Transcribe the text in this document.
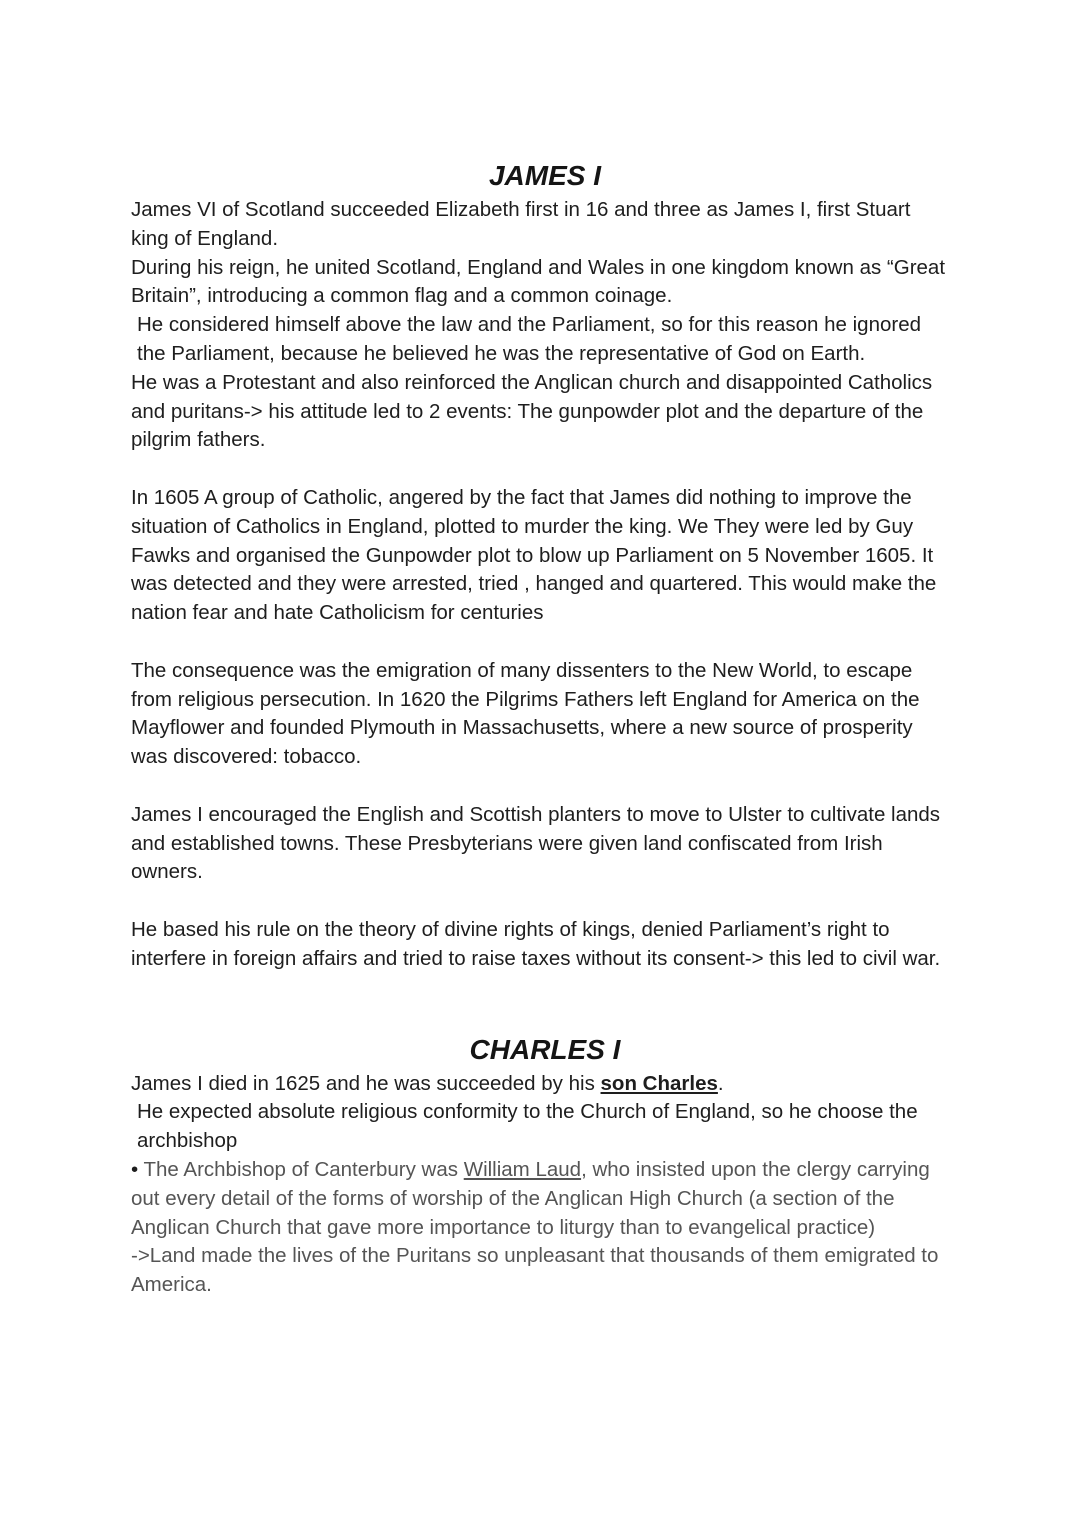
JAMES I

James VI of Scotland succeeded Elizabeth first in 16 and three as James I, first Stuart king of England.

During his reign, he united Scotland, England and Wales in one kingdom known as “Great Britain”, introducing a common flag and a common coinage.

He considered himself above the law and the Parliament, so for this reason he ignored the Parliament, because he believed he was the representative of God on Earth.

He was a Protestant and also reinforced the Anglican church and disappointed Catholics and puritans-> his attitude led to 2 events: The gunpowder plot and the departure of the pilgrim fathers.

In 1605 A group of Catholic, angered by the fact that James did nothing to improve the situation of Catholics in England, plotted to murder the king. We They were led by Guy Fawks and organised the Gunpowder plot to blow up Parliament on 5 November 1605. It was detected and they were arrested, tried , hanged and quartered. This would make the nation fear and hate Catholicism for centuries

The consequence was the emigration of many dissenters to the New World, to escape from religious persecution. In 1620 the Pilgrims Fathers left England for America on the Mayflower and founded Plymouth in Massachusetts, where a new source of prosperity was discovered: tobacco.

James I encouraged the English and Scottish planters to move to Ulster to cultivate lands and established towns. These Presbyterians were given land confiscated from Irish owners.

He based his rule on the theory of divine rights of kings, denied Parliament’s right to interfere in foreign affairs and tried to raise taxes without its consent-> this led to civil war.

CHARLES I

James I died in 1625 and he was succeeded by his son Charles.

He expected absolute religious conformity to the Church of England, so he choose the archbishop

• The Archbishop of Canterbury was William Laud, who insisted upon the clergy carrying out every detail of the forms of worship of the Anglican High Church (a section of the Anglican Church that gave more importance to liturgy than to evangelical practice)

->Land made the lives of the Puritans so unpleasant that thousands of them emigrated to America.
